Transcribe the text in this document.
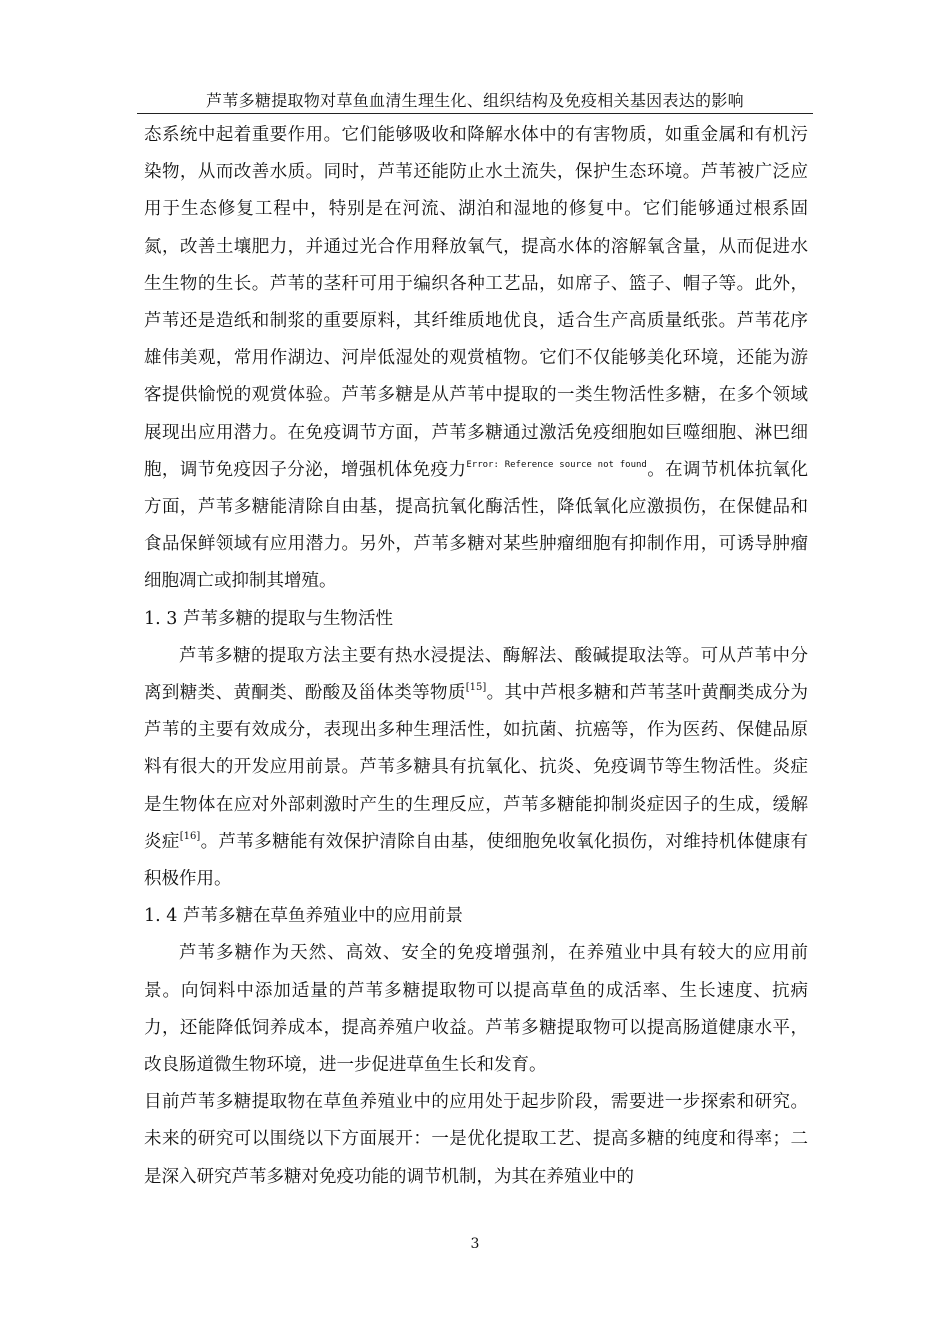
芦苇多糖提取物对草鱼血清生理生化、组织结构及免疫相关基因表达的影响

态系统中起着重要作用。它们能够吸收和降解水体中的有害物质，如重金属和有机污染物，从而改善水质。同时，芦苇还能防止水土流失，保护生态环境。芦苇被广泛应用于生态修复工程中，特别是在河流、湖泊和湿地的修复中。它们能够通过根系固氮，改善土壤肥力，并通过光合作用释放氧气，提高水体的溶解氧含量，从而促进水生生物的生长。芦苇的茎秆可用于编织各种工艺品，如席子、篮子、帽子等。此外，芦苇还是造纸和制浆的重要原料，其纤维质地优良，适合生产高质量纸张。芦苇花序雄伟美观，常用作湖边、河岸低湿处的观赏植物。它们不仅能够美化环境，还能为游客提供愉悦的观赏体验。芦苇多糖是从芦苇中提取的一类生物活性多糖，在多个领域展现出应用潜力。在免疫调节方面，芦苇多糖通过激活免疫细胞如巨噬细胞、淋巴细胞，调节免疫因子分泌，增强机体免疫力$^{Error: Reference source not found}$。在调节机体抗氧化方面，芦苇多糖能清除自由基，提高抗氧化酶活性，降低氧化应激损伤，在保健品和食品保鲜领域有应用潜力。另外，芦苇多糖对某些肿瘤细胞有抑制作用，可诱导肿瘤细胞凋亡或抑制其增殖。

1. 3 芦苇多糖的提取与生物活性

芦苇多糖的提取方法主要有热水浸提法、酶解法、酸碱提取法等。可从芦苇中分离到糖类、黄酮类、酚酸及甾体类等物质[15]。其中芦根多糖和芦苇茎叶黄酮类成分为芦苇的主要有效成分，表现出多种生理活性，如抗菌、抗癌等，作为医药、保健品原料有很大的开发应用前景。芦苇多糖具有抗氧化、抗炎、免疫调节等生物活性。炎症是生物体在应对外部刺激时产生的生理反应，芦苇多糖能抑制炎症因子的生成，缓解炎症[16]。芦苇多糖能有效保护清除自由基，使细胞免收氧化损伤，对维持机体健康有积极作用。

1. 4 芦苇多糖在草鱼养殖业中的应用前景

芦苇多糖作为天然、高效、安全的免疫增强剂，在养殖业中具有较大的应用前景。向饲料中添加适量的芦苇多糖提取物可以提高草鱼的成活率、生长速度、抗病力，还能降低饲养成本，提高养殖户收益。芦苇多糖提取物可以提高肠道健康水平，改良肠道微生物环境，进一步促进草鱼生长和发育。

目前芦苇多糖提取物在草鱼养殖业中的应用处于起步阶段，需要进一步探索和研究。未来的研究可以围绕以下方面展开：一是优化提取工艺、提高多糖的纯度和得率；二是深入研究芦苇多糖对免疫功能的调节机制，为其在养殖业中的

3
